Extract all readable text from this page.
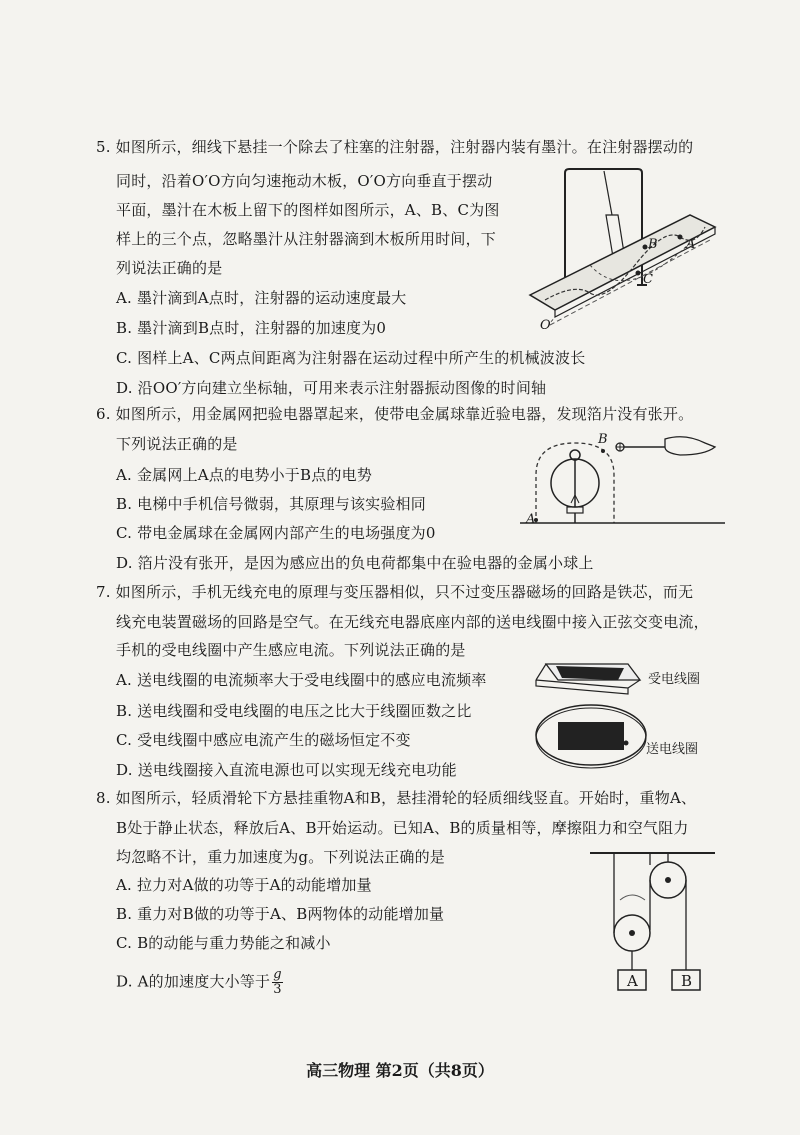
5. 如图所示，细线下悬挂一个除去了柱塞的注射器，注射器内装有墨汁。在注射器摆动的
同时，沿着O′O方向匀速拖动木板，O′O方向垂直于摆动
平面，墨汁在木板上留下的图样如图所示，A、B、C为图
样上的三个点，忽略墨汁从注射器滴到木板所用时间，下
列说法正确的是
A. 墨汁滴到A点时，注射器的运动速度最大
B. 墨汁滴到B点时，注射器的加速度为0
C. 图样上A、C两点间距离为注射器在运动过程中所产生的机械波波长
D. 沿OO′方向建立坐标轴，可用来表示注射器振动图像的时间轴
B A
C
O′
6. 如图所示，用金属网把验电器罩起来，使带电金属球靠近验电器，发现箔片没有张开。
下列说法正确的是
A. 金属网上A点的电势小于B点的电势
B. 电梯中手机信号微弱，其原理与该实验相同
C. 带电金属球在金属网内部产生的电场强度为0
D. 箔片没有张开，是因为感应出的负电荷都集中在验电器的金属小球上
B
A
7. 如图所示，手机无线充电的原理与变压器相似，只不过变压器磁场的回路是铁芯，而无
线充电装置磁场的回路是空气。在无线充电器底座内部的送电线圈中接入正弦交变电流，
手机的受电线圈中产生感应电流。下列说法正确的是
A. 送电线圈的电流频率大于受电线圈中的感应电流频率
B. 送电线圈和受电线圈的电压之比大于线圈匝数之比
C. 受电线圈中感应电流产生的磁场恒定不变
D. 送电线圈接入直流电源也可以实现无线充电功能
受电线圈
送电线圈
8. 如图所示，轻质滑轮下方悬挂重物A和B，悬挂滑轮的轻质细线竖直。开始时，重物A、
B处于静止状态，释放后A、B开始运动。已知A、B的质量相等，摩擦阻力和空气阻力
均忽略不计，重力加速度为g。下列说法正确的是
A. 拉力对A做的功等于A的动能增加量
B. 重力对B做的功等于A、B两物体的动能增加量
C. B的动能与重力势能之和减小
D. A的加速度大小等于 $\frac{g}{3}$	A	B
高三物理 第2页（共8页）
